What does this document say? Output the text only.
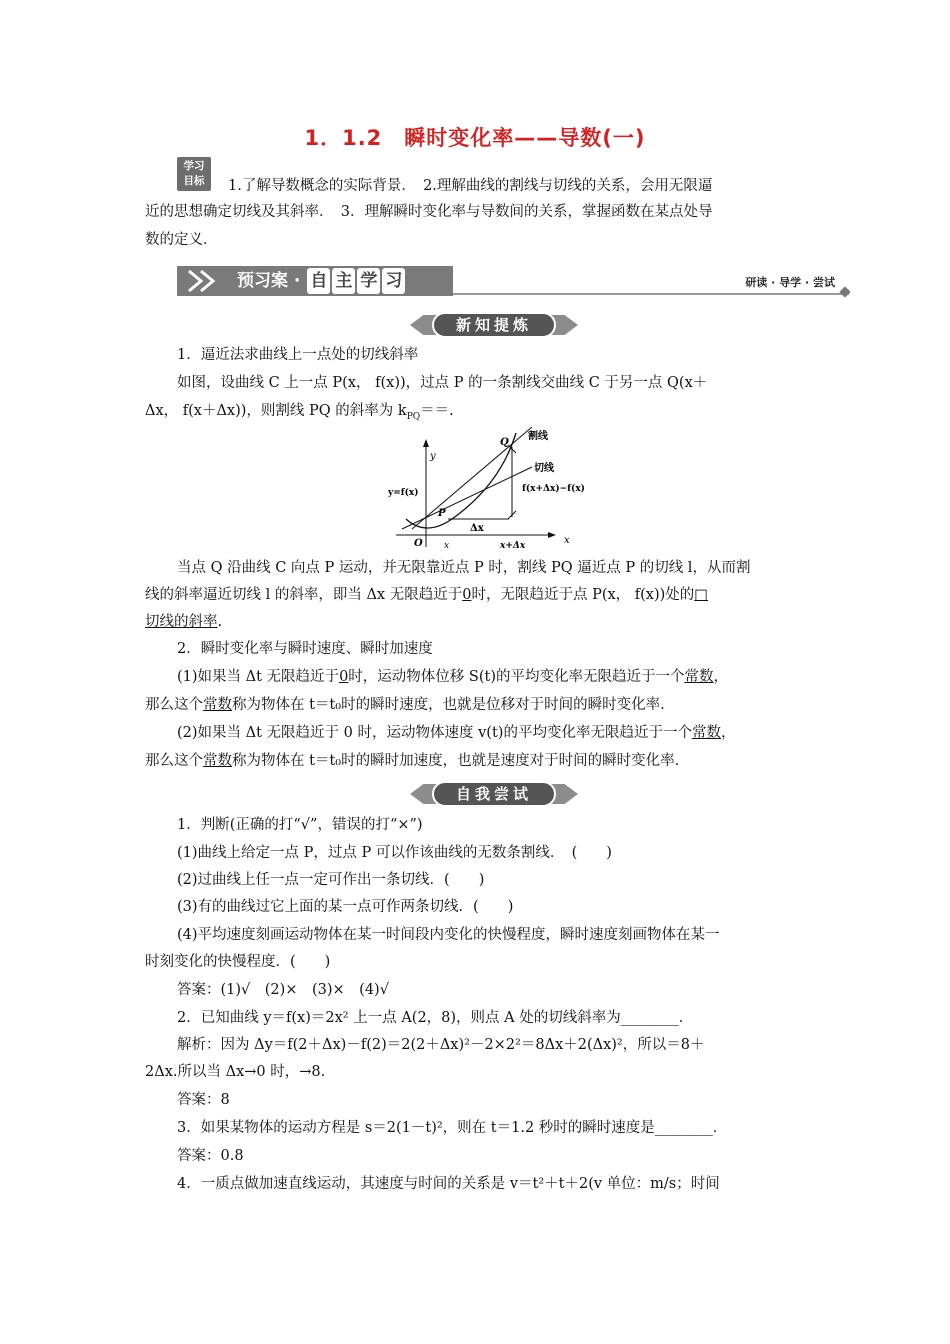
1．1.2　瞬时变化率——导数(一)
学习
目标	1.了解导数概念的实际背景．　2.理解曲线的割线与切线的关系，会用无限逼
近的思想确定切线及其斜率．　3．理解瞬时变化率与导数间的关系，掌握函数在某点处导
数的定义．
预习案 · 自 主 学 习	研读 · 导学 · 尝试
新知提炼
1．逼近法求曲线上一点处的切线斜率
如图，设曲线 C 上一点 P(x， f(x))，过点 P 的一条割线交曲线 C 于另一点 Q(x＋
Δx， f(x＋Δx))，则割线 PQ 的斜率为 $k_{PQ}==$.
y
x
O
P
Q
y=f(x)
割线
切线
f(x+Δx)−f(x)
Δx
x	x+Δx
当点 Q 沿曲线 C 向点 P 运动，并无限靠近点 P 时，割线 PQ 逼近点 P 的切线 l，从而割
线的斜率逼近切线 l 的斜率，即当 Δx 无限趋近于0时，无限趋近于点 P(x， f(x))处的□
切线的斜率.
2．瞬时变化率与瞬时速度、瞬时加速度
(1)如果当 Δt 无限趋近于0时，运动物体位移 S(t)的平均变化率无限趋近于一个常数，
那么这个常数称为物体在 t＝t₀时的瞬时速度，也就是位移对于时间的瞬时变化率.
(2)如果当 Δt 无限趋近于 0 时，运动物体速度 v(t)的平均变化率无限趋近于一个常数，
那么这个常数称为物体在 t＝t₀时的瞬时加速度，也就是速度对于时间的瞬时变化率.
自我尝试
1．判断(正确的打“√”，错误的打“×”)
(1)曲线上给定一点 P，过点 P 可以作该曲线的无数条割线．　(　　)
(2)过曲线上任一点一定可作出一条切线．(　　)
(3)有的曲线过它上面的某一点可作两条切线．(　　)
(4)平均速度刻画运动物体在某一时间段内变化的快慢程度，瞬时速度刻画物体在某一
时刻变化的快慢程度．(　　)
答案：(1)√　(2)×　(3)×　(4)√
2．已知曲线 y＝f(x)＝2x² 上一点 A(2，8)，则点 A 处的切线斜率为________．
解析：因为 Δy＝f(2＋Δx)－f(2)＝2(2＋Δx)²－2×2²＝8Δx＋2(Δx)²，所以＝8＋
2Δx.所以当 Δx→0 时，→8.
答案：8
3．如果某物体的运动方程是 s＝2(1－t)²，则在 t＝1.2 秒时的瞬时速度是________．
答案：0.8
4．一质点做加速直线运动，其速度与时间的关系是 v＝t²＋t＋2(v 单位：m/s；时间
